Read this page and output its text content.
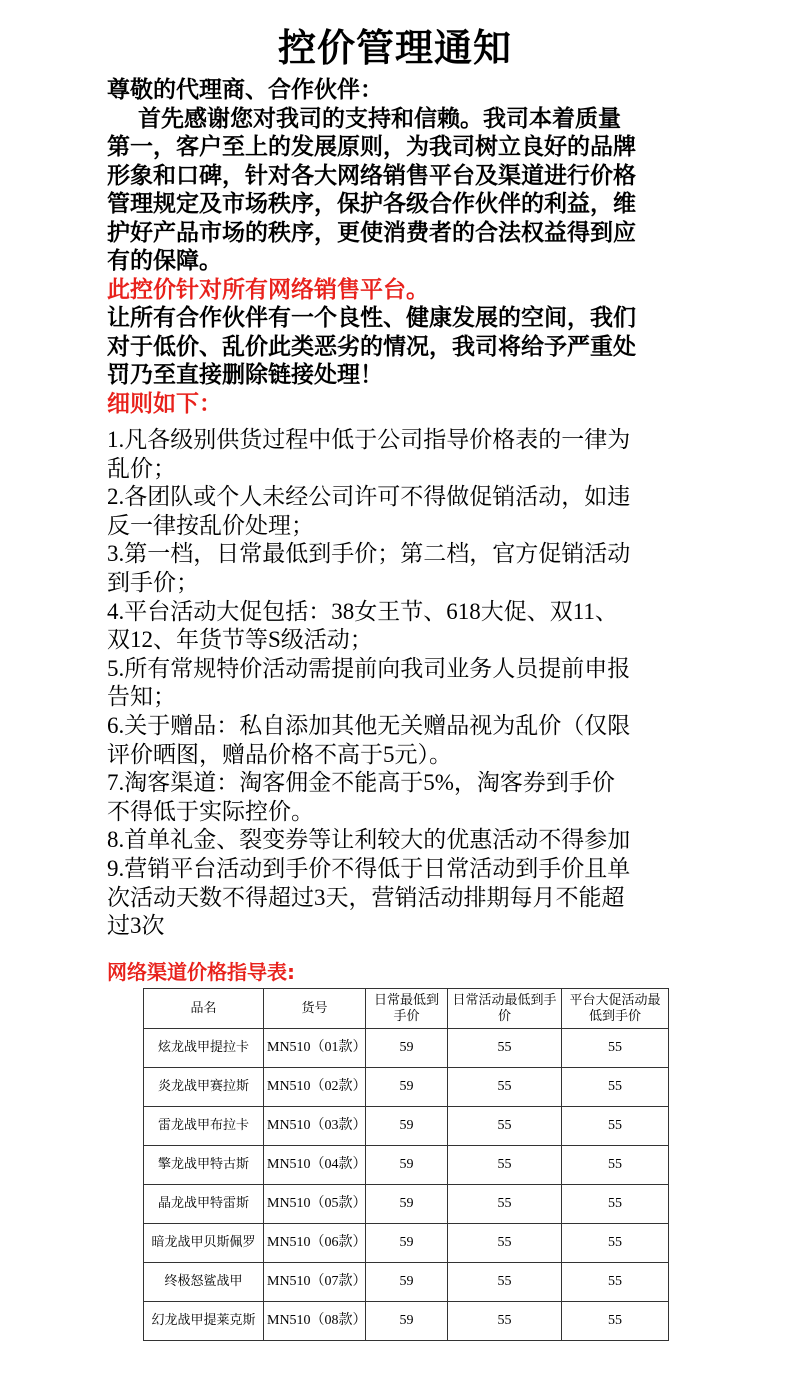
控价管理通知
尊敬的代理商、合作伙伴：
　 首先感谢您对我司的支持和信赖。我司本着质量
第一，客户至上的发展原则，为我司树立良好的品牌
形象和口碑，针对各大网络销售平台及渠道进行价格
管理规定及市场秩序，保护各级合作伙伴的利益，维
护好产品市场的秩序，更使消费者的合法权益得到应
有的保障。
此控价针对所有网络销售平台。
让所有合作伙伴有一个良性、健康发展的空间，我们
对于低价、乱价此类恶劣的情况，我司将给予严重处
罚乃至直接删除链接处理！
细则如下：
1.凡各级别供货过程中低于公司指导价格表的一律为
乱价；
2.各团队或个人未经公司许可不得做促销活动，如违
反一律按乱价处理；
3.第一档，日常最低到手价；第二档，官方促销活动
到手价；
4.平台活动大促包括：38女王节、618大促、双11、
双12、年货节等S级活动；
5.所有常规特价活动需提前向我司业务人员提前申报
告知；
6.关于赠品：私自添加其他无关赠品视为乱价（仅限
评价晒图，赠品价格不高于5元）。
7.淘客渠道：淘客佣金不能高于5%，淘客券到手价
不得低于实际控价。
8.首单礼金、裂变券等让利较大的优惠活动不得参加
9.营销平台活动到手价不得低于日常活动到手价且单
次活动天数不得超过3天，营销活动排期每月不能超
过3次
网络渠道价格指导表:
品名	货号	日常最低到手价	日常活动最低到手价	平台大促活动最低到手价
炫龙战甲提拉卡	MN510（01款）	59	55	55
炎龙战甲赛拉斯	MN510（02款）	59	55	55
雷龙战甲布拉卡	MN510（03款）	59	55	55
擎龙战甲特古斯	MN510（04款）	59	55	55
晶龙战甲特雷斯	MN510（05款）	59	55	55
暗龙战甲贝斯佩罗	MN510（06款）	59	55	55
终极怒鲨战甲	MN510（07款）	59	55	55
幻龙战甲提莱克斯	MN510（08款）	59	55	55
